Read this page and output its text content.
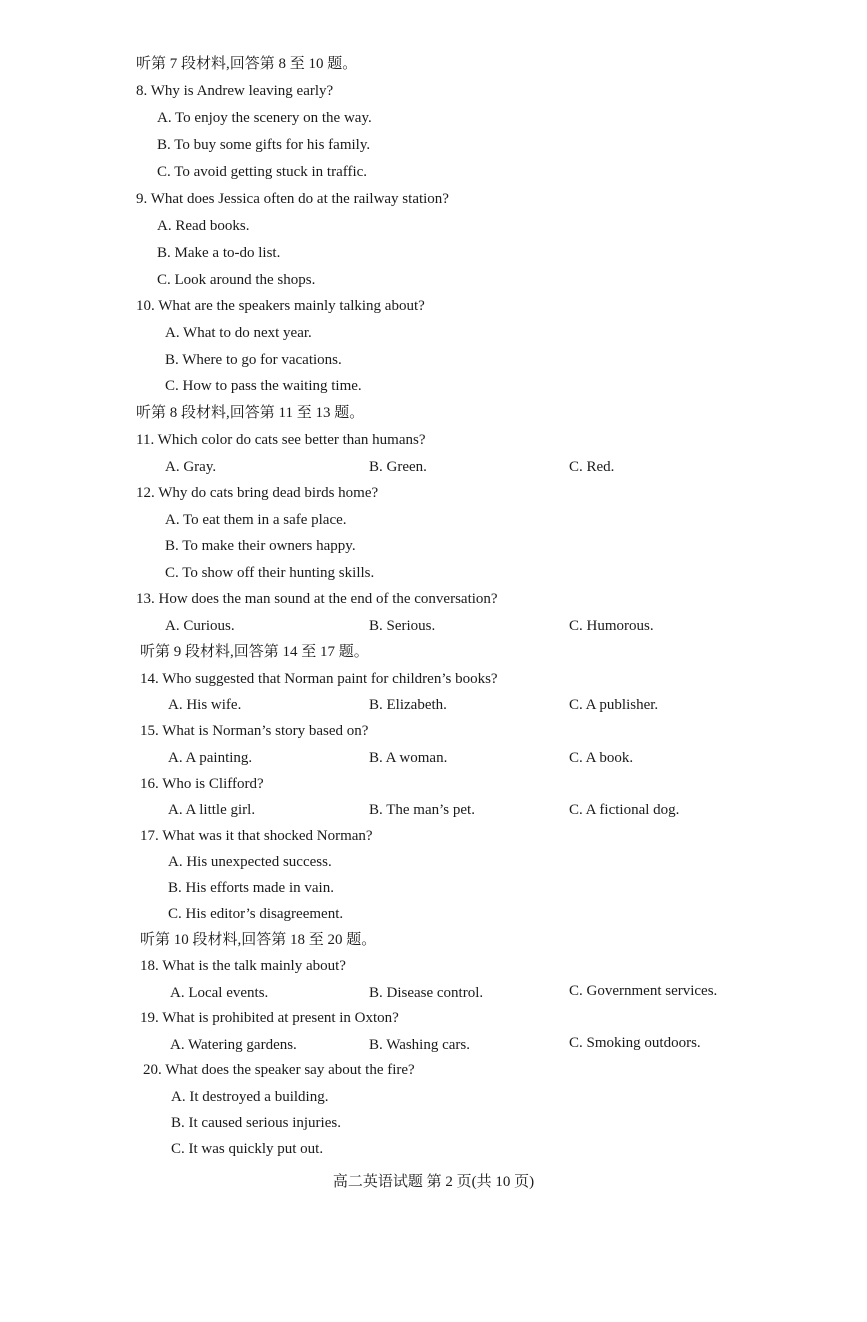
听第 7 段材料,回答第 8 至 10 题。
8. Why is Andrew leaving early?
A. To enjoy the scenery on the way.
B. To buy some gifts for his family.
C. To avoid getting stuck in traffic.
9. What does Jessica often do at the railway station?
A. Read books.
B. Make a to-do list.
C. Look around the shops.
10. What are the speakers mainly talking about?
A. What to do next year.
B. Where to go for vacations.
C. How to pass the waiting time.
听第 8 段材料,回答第 11 至 13 题。
11. Which color do cats see better than humans?
A. Gray.	B. Green.	C. Red.
12. Why do cats bring dead birds home?
A. To eat them in a safe place.
B. To make their owners happy.
C. To show off their hunting skills.
13. How does the man sound at the end of the conversation?
A. Curious.	B. Serious.	C. Humorous.
听第 9 段材料,回答第 14 至 17 题。
14. Who suggested that Norman paint for children’s books?
A. His wife.	B. Elizabeth.	C. A publisher.
15. What is Norman’s story based on?
A. A painting.	B. A woman.	C. A book.
16. Who is Clifford?
A. A little girl.	B. The man’s pet.	C. A fictional dog.
17. What was it that shocked Norman?
A. His unexpected success.
B. His efforts made in vain.
C. His editor’s disagreement.
听第 10 段材料,回答第 18 至 20 题。
18. What is the talk mainly about?
A. Local events.	B. Disease control.	C. Government services.
19. What is prohibited at present in Oxton?
A. Watering gardens.	B. Washing cars.	C. Smoking outdoors.
20. What does the speaker say about the fire?
A. It destroyed a building.
B. It caused serious injuries.
C. It was quickly put out.
高二英语试题 第 2 页(共 10 页)
